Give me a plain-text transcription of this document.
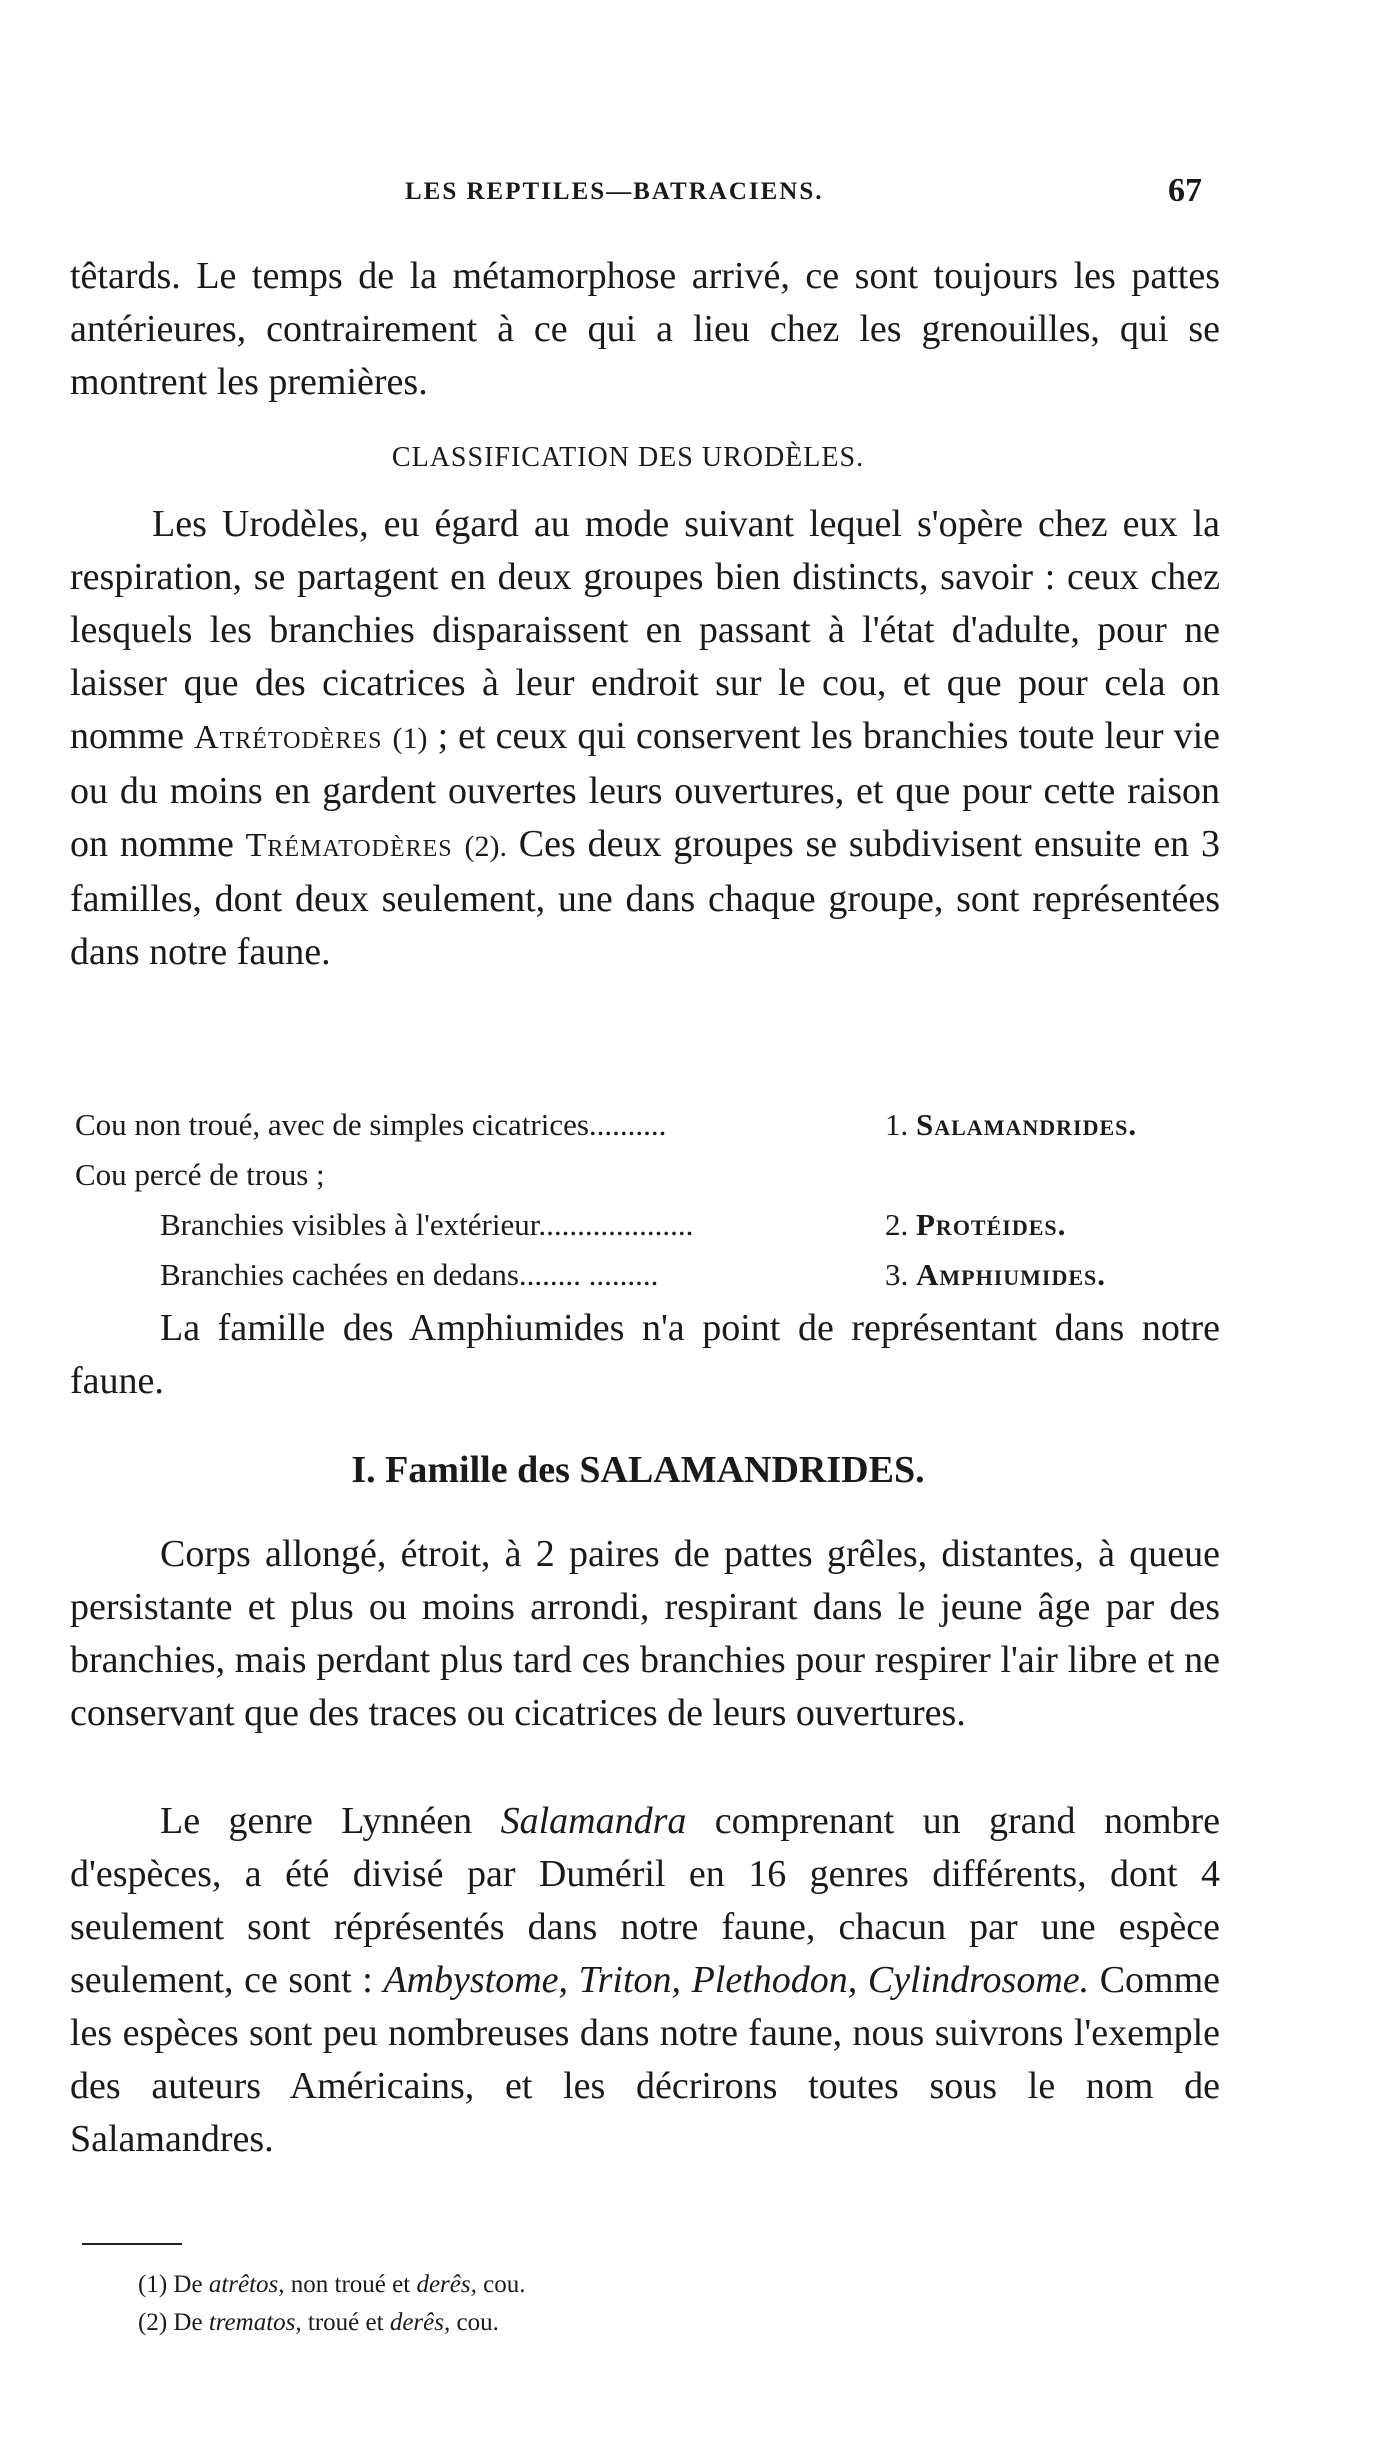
LES REPTILES—BATRACIENS.	67

têtards. Le temps de la métamorphose arrivé, ce sont toujours les pattes antérieures, contrairement à ce qui a lieu chez les grenouilles, qui se montrent les premières.

CLASSIFICATION DES URODÈLES.

Les Urodèles, eu égard au mode suivant lequel s'opère chez eux la respiration, se partagent en deux groupes bien distincts, savoir : ceux chez lesquels les branchies disparaissent en passant à l'état d'adulte, pour ne laisser que des cicatrices à leur endroit sur le cou, et que pour cela on nomme Atrétodères (1) ; et ceux qui conservent les branchies toute leur vie ou du moins en gardent ouvertes leurs ouvertures, et que pour cette raison on nomme Trématodères (2). Ces deux groupes se subdivisent ensuite en 3 familles, dont deux seulement, une dans chaque groupe, sont représentées dans notre faune.

Cou non troué, avec de simples cicatrices..........	1. Salamandrides.
Cou percé de trous ;
Branchies visibles à l'extérieur....................	2. Protéides.
Branchies cachées en dedans........ .........	3. Amphiumides.

La famille des Amphiumides n'a point de représentant dans notre faune.

I. Famille des SALAMANDRIDES.

Corps allongé, étroit, à 2 paires de pattes grêles, distantes, à queue persistante et plus ou moins arrondi, respirant dans le jeune âge par des branchies, mais perdant plus tard ces branchies pour respirer l'air libre et ne conservant que des traces ou cicatrices de leurs ouvertures.

Le genre Lynnéen Salamandra comprenant un grand nombre d'espèces, a été divisé par Duméril en 16 genres différents, dont 4 seulement sont réprésentés dans notre faune, chacun par une espèce seulement, ce sont : Ambystome, Triton, Plethodon, Cylindrosome. Comme les espèces sont peu nombreuses dans notre faune, nous suivrons l'exemple des auteurs Américains, et les décrirons toutes sous le nom de Salamandres.

(1) De atrêtos, non troué et derês, cou.
(2) De trematos, troué et derês, cou.
